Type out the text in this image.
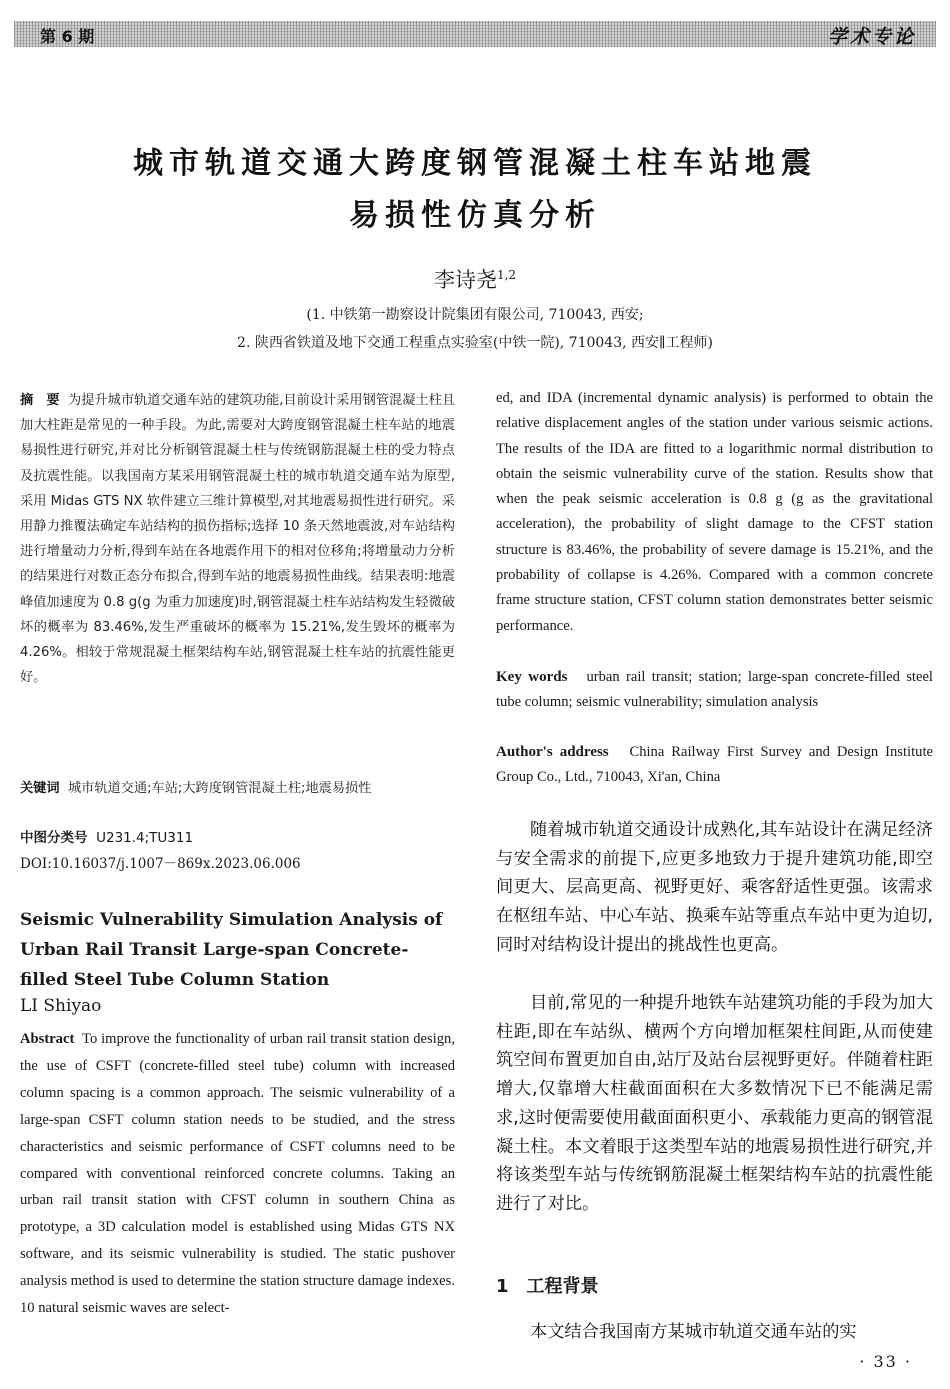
第 6 期	学术专论
城市轨道交通大跨度钢管混凝土柱车站地震
易损性仿真分析
李诗尧$^{1,2}$
(1. 中铁第一勘察设计院集团有限公司, 710043, 西安;
2. 陕西省铁道及地下交通工程重点实验室(中铁一院), 710043, 西安∥工程师)
摘　要 为提升城市轨道交通车站的建筑功能,目前设计采用钢管混凝土柱且加大柱距是常见的一种手段。为此,需要对大跨度钢管混凝土柱车站的地震易损性进行研究,并对比分析钢管混凝土柱与传统钢筋混凝土柱的受力特点及抗震性能。以我国南方某采用钢管混凝土柱的城市轨道交通车站为原型,采用 Midas GTS NX 软件建立三维计算模型,对其地震易损性进行研究。采用静力推覆法确定车站结构的损伤指标;选择 10 条天然地震波,对车站结构进行增量动力分析,得到车站在各地震作用下的相对位移角;将增量动力分析的结果进行对数正态分布拟合,得到车站的地震易损性曲线。结果表明:地震峰值加速度为 0.8 g(g 为重力加速度)时,钢管混凝土柱车站结构发生轻微破坏的概率为 83.46%,发生严重破坏的概率为 15.21%,发生毁坏的概率为 4.26%。相较于常规混凝土框架结构车站,钢管混凝土柱车站的抗震性能更好。
关键词 城市轨道交通;车站;大跨度钢管混凝土柱;地震易损性
中图分类号 U231.4;TU311
DOI:10.16037/j.1007－869x.2023.06.006
Seismic Vulnerability Simulation Analysis of Urban Rail Transit Large-span Concrete-filled Steel Tube Column Station
LI Shiyao
Abstract To improve the functionality of urban rail transit station design, the use of CSFT (concrete-filled steel tube) column with increased column spacing is a common approach. The seismic vulnerability of a large-span CSFT column station needs to be studied, and the stress characteristics and seismic performance of CSFT columns need to be compared with conventional reinforced concrete columns. Taking an urban rail transit station with CFST column in southern China as prototype, a 3D calculation model is established using Midas GTS NX software, and its seismic vulnerability is studied. The static pushover analysis method is used to determine the station structure damage indexes. 10 natural seismic waves are select-
ed, and IDA (incremental dynamic analysis) is performed to obtain the relative displacement angles of the station under various seismic actions. The results of the IDA are fitted to a logarithmic normal distribution to obtain the seismic vulnerability curve of the station. Results show that when the peak seismic acceleration is 0.8 g (g as the gravitational acceleration), the probability of slight damage to the CFST station structure is 83.46%, the probability of severe damage is 15.21%, and the probability of collapse is 4.26%. Compared with a common concrete frame structure station, CFST column station demonstrates better seismic performance.
Key words urban rail transit; station; large-span concrete-filled steel tube column; seismic vulnerability; simulation analysis
Author's address China Railway First Survey and Design Institute Group Co., Ltd., 710043, Xi'an, China

随着城市轨道交通设计成熟化,其车站设计在满足经济与安全需求的前提下,应更多地致力于提升建筑功能,即空间更大、层高更高、视野更好、乘客舒适性更强。该需求在枢纽车站、中心车站、换乘车站等重点车站中更为迫切,同时对结构设计提出的挑战性也更高。

目前,常见的一种提升地铁车站建筑功能的手段为加大柱距,即在车站纵、横两个方向增加框架柱间距,从而使建筑空间布置更加自由,站厅及站台层视野更好。伴随着柱距增大,仅靠增大柱截面面积在大多数情况下已不能满足需求,这时便需要使用截面面积更小、承载能力更高的钢管混凝土柱。本文着眼于这类型车站的地震易损性进行研究,并将该类型车站与传统钢筋混凝土框架结构车站的抗震性能进行了对比。

1 工程背景

本文结合我国南方某城市轨道交通车站的实

· 33 ·
